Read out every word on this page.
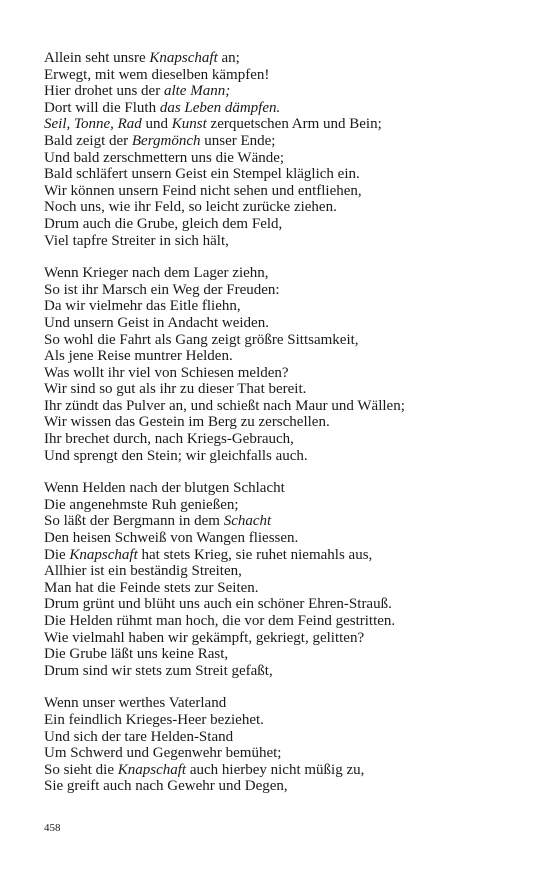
Allein seht unsre Knapschaft an;
Erwegt, mit wem dieselben kämpfen!
Hier drohet uns der alte Mann;
Dort will die Fluth das Leben dämpfen.
Seil, Tonne, Rad und Kunst zerquetschen Arm und Bein;
Bald zeigt der Bergmönch unser Ende;
Und bald zerschmettern uns die Wände;
Bald schläfert unsern Geist ein Stempel kläglich ein.
Wir können unsern Feind nicht sehen und entfliehen,
Noch uns, wie ihr Feld, so leicht zurücke ziehen.
Drum auch die Grube, gleich dem Feld,
Viel tapfre Streiter in sich hält,
Wenn Krieger nach dem Lager ziehn,
So ist ihr Marsch ein Weg der Freuden:
Da wir vielmehr das Eitle fliehn,
Und unsern Geist in Andacht weiden.
So wohl die Fahrt als Gang zeigt größre Sittsamkeit,
Als jene Reise muntrer Helden.
Was wollt ihr viel von Schiesen melden?
Wir sind so gut als ihr zu dieser That bereit.
Ihr zündt das Pulver an, und schießt nach Maur und Wällen;
Wir wissen das Gestein im Berg zu zerschellen.
Ihr brechet durch, nach Kriegs-Gebrauch,
Und sprengt den Stein; wir gleichfalls auch.
Wenn Helden nach der blutgen Schlacht
Die angenehmste Ruh genießen;
So läßt der Bergmann in dem Schacht
Den heisen Schweiß von Wangen fliessen.
Die Knapschaft hat stets Krieg, sie ruhet niemahls aus,
Allhier ist ein beständig Streiten,
Man hat die Feinde stets zur Seiten.
Drum grünt und blüht uns auch ein schöner Ehren-Strauß.
Die Helden rühmt man hoch, die vor dem Feind gestritten.
Wie vielmahl haben wir gekämpft, gekriegt, gelitten?
Die Grube läßt uns keine Rast,
Drum sind wir stets zum Streit gefaßt,
Wenn unser werthes Vaterland
Ein feindlich Krieges-Heer beziehet.
Und sich der tare Helden-Stand
Um Schwerd und Gegenwehr bemühet;
So sieht die Knapschaft auch hierbey nicht müßig zu,
Sie greift auch nach Gewehr und Degen,
458
